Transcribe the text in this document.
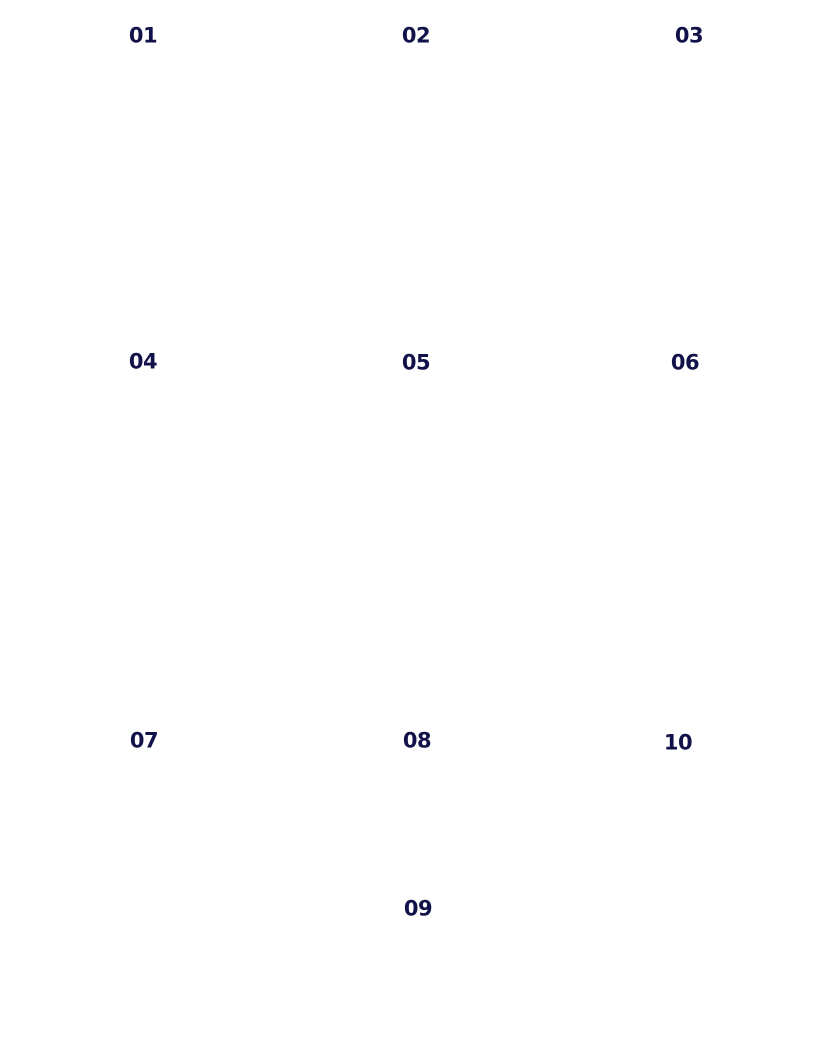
01	02	03
04	05	06
07	08	10
09
